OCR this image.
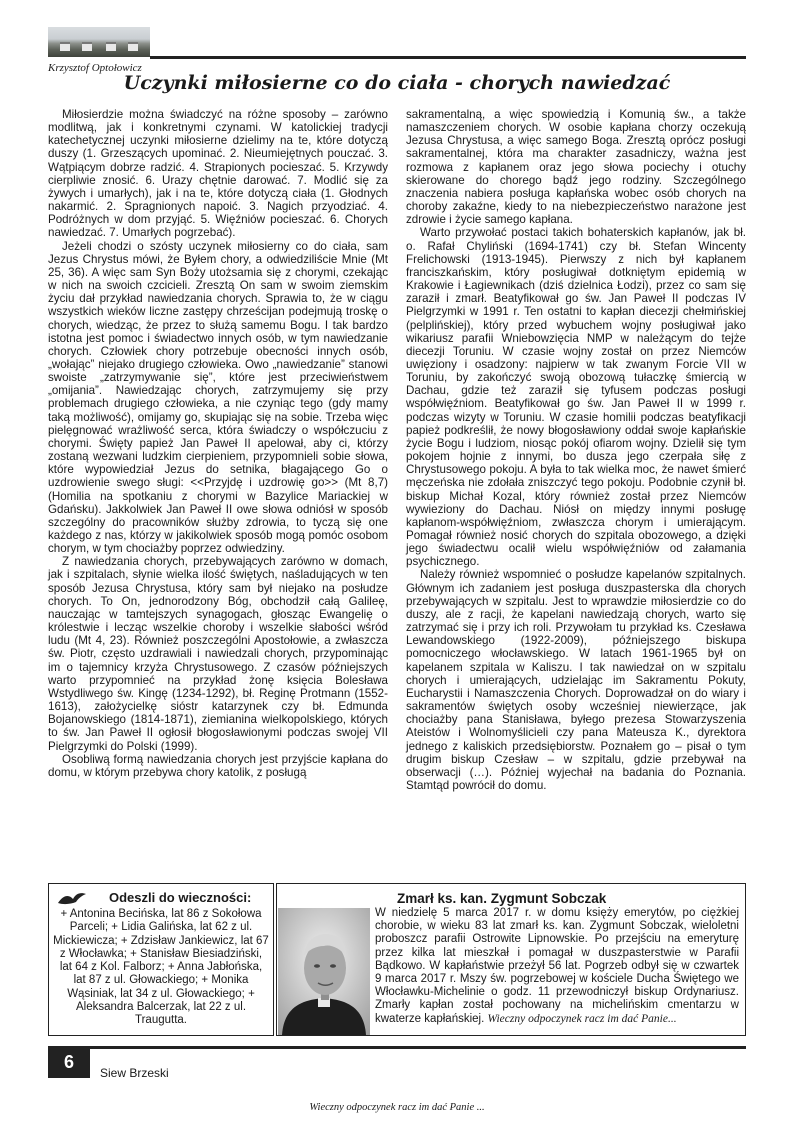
Krzysztof Optołowicz
Uczynki miłosierne co do ciała - chorych nawiedzać

Miłosierdzie można świadczyć na różne sposoby – zarówno modlitwą, jak i konkretnymi czynami. W katolickiej tradycji katechetycznej uczynki miłosierne dzielimy na te, które dotyczą duszy (1. Grzeszących upominać. 2. Nieumiejętnych pouczać. 3. Wątpiącym dobrze radzić. 4. Strapionych pocieszać. 5. Krzywdy cierpliwie znosić. 6. Urazy chętnie darować. 7. Modlić się za żywych i umarłych), jak i na te, które dotyczą ciała (1. Głodnych nakarmić. 2. Spragnionych napoić. 3. Nagich przyodziać. 4. Podróżnych w dom przyjąć. 5. Więźniów pocieszać. 6. Chorych nawiedzać. 7. Umarłych pogrzebać).

Jeżeli chodzi o szósty uczynek miłosierny co do ciała, sam Jezus Chrystus mówi, że Byłem chory, a odwiedziliście Mnie (Mt 25, 36). A więc sam Syn Boży utożsamia się z chorymi, czekając w nich na swoich czcicieli. Zresztą On sam w swoim ziemskim życiu dał przykład nawiedzania chorych. Sprawia to, że w ciągu wszystkich wieków liczne zastępy chrześcijan podejmują troskę o chorych, wiedząc, że przez to służą samemu Bogu. I tak bardzo istotna jest pomoc i świadectwo innych osób, w tym nawiedzanie chorych. Człowiek chory potrzebuje obecności innych osób, „wołając” niejako drugiego człowieka. Owo „nawiedzanie” stanowi swoiste „zatrzymywanie się”, które jest przeciwieństwem „omijania”. Nawiedzając chorych, zatrzymujemy się przy problemach drugiego człowieka, a nie czyniąc tego (gdy mamy taką możliwość), omijamy go, skupiając się na sobie. Trzeba więc pielęgnować wrażliwość serca, która świadczy o współczuciu z chorymi. Święty papież Jan Paweł II apelował, aby ci, którzy zostaną wezwani ludzkim cierpieniem, przypomnieli sobie słowa, które wypowiedział Jezus do setnika, błagającego Go o uzdrowienie swego sługi: <<Przyjdę i uzdrowię go>> (Mt 8,7) (Homilia na spotkaniu z chorymi w Bazylice Mariackiej w Gdańsku). Jakkolwiek Jan Paweł II owe słowa odniósł w sposób szczególny do pracowników służby zdrowia, to tyczą się one każdego z nas, którzy w jakikolwiek sposób mogą pomóc osobom chorym, w tym chociażby poprzez odwiedziny.

Z nawiedzania chorych, przebywających zarówno w domach, jak i szpitalach, słynie wielka ilość świętych, naśladujących w ten sposób Jezusa Chrystusa, który sam był niejako na posłudze chorych. To On, jednorodzony Bóg, obchodził całą Galileę, nauczając w tamtejszych synagogach, głosząc Ewangelię o królestwie i lecząc wszelkie choroby i wszelkie słabości wśród ludu (Mt 4, 23). Również poszczególni Apostołowie, a zwłaszcza św. Piotr, często uzdrawiali i nawiedzali chorych, przypominając im o tajemnicy krzyża Chrystusowego. Z czasów późniejszych warto przypomnieć na przykład żonę księcia Bolesława Wstydliwego św. Kingę (1234-1292), bł. Reginę Protmann (1552-1613), założycielkę sióstr katarzynek czy bł. Edmunda Bojanowskiego (1814-1871), ziemianina wielkopolskiego, których to św. Jan Paweł II ogłosił błogosławionymi podczas swojej VII Pielgrzymki do Polski (1999).

Osobliwą formą nawiedzania chorych jest przyjście kapłana do domu, w którym przebywa chory katolik, z posługą

sakramentalną, a więc spowiedzią i Komunią św., a także namaszczeniem chorych. W osobie kapłana chorzy oczekują Jezusa Chrystusa, a więc samego Boga. Zresztą oprócz posługi sakramentalnej, która ma charakter zasadniczy, ważna jest rozmowa z kapłanem oraz jego słowa pociechy i otuchy skierowane do chorego bądź jego rodziny. Szczególnego znaczenia nabiera posługa kapłańska wobec osób chorych na choroby zakaźne, kiedy to na niebezpieczeństwo narażone jest zdrowie i życie samego kapłana.

Warto przywołać postaci takich bohaterskich kapłanów, jak bł. o. Rafał Chyliński (1694-1741) czy bł. Stefan Wincenty Frelichowski (1913-1945). Pierwszy z nich był kapłanem franciszkańskim, który posługiwał dotkniętym epidemią w Krakowie i Łagiewnikach (dziś dzielnica Łodzi), przez co sam się zaraził i zmarł. Beatyfikował go św. Jan Paweł II podczas IV Pielgrzymki w 1991 r. Ten ostatni to kapłan diecezji chełmińskiej (pelplińskiej), który przed wybuchem wojny posługiwał jako wikariusz parafii Wniebowzięcia NMP w należącym do tejże diecezji Toruniu. W czasie wojny został on przez Niemców uwięziony i osadzony: najpierw w tak zwanym Forcie VII w Toruniu, by zakończyć swoją obozową tułaczkę śmiercią w Dachau, gdzie też zaraził się tyfusem podczas posługi współwięźniom. Beatyfikował go św. Jan Paweł II w 1999 r. podczas wizyty w Toruniu. W czasie homilii podczas beatyfikacji papież podkreślił, że nowy błogosławiony oddał swoje kapłańskie życie Bogu i ludziom, niosąc pokój ofiarom wojny. Dzielił się tym pokojem hojnie z innymi, bo dusza jego czerpała siłę z Chrystusowego pokoju. A była to tak wielka moc, że nawet śmierć męczeńska nie zdołała zniszczyć tego pokoju. Podobnie czynił bł. biskup Michał Kozal, który również został przez Niemców wywieziony do Dachau. Niósł on między innymi posługę kapłanom-współwięźniom, zwłaszcza chorym i umierającym. Pomagał również nosić chorych do szpitala obozowego, a dzięki jego świadectwu ocalił wielu współwięźniów od załamania psychicznego.

Należy również wspomnieć o posłudze kapelanów szpitalnych. Głównym ich zadaniem jest posługa duszpasterska dla chorych przebywających w szpitalu. Jest to wprawdzie miłosierdzie co do duszy, ale z racji, że kapelani nawiedzają chorych, warto się zatrzymać się i przy ich roli. Przywołam tu przykład ks. Czesława Lewandowskiego (1922-2009), późniejszego biskupa pomocniczego włocławskiego. W latach 1961-1965 był on kapelanem szpitala w Kaliszu. I tak nawiedzał on w szpitalu chorych i umierających, udzielając im Sakramentu Pokuty, Eucharystii i Namaszczenia Chorych. Doprowadzał on do wiary i sakramentów świętych osoby wcześniej niewierzące, jak chociażby pana Stanisława, byłego prezesa Stowarzyszenia Ateistów i Wolnomyślicieli czy pana Mateusza K., dyrektora jednego z kaliskich przedsiębiorstw. Poznałem go – pisał o tym drugim biskup Czesław – w szpitalu, gdzie przebywał na obserwacji (…). Później wyjechał na badania do Poznania. Stamtąd powrócił do domu.

Odeszli do wieczności:
+ Antonina Becińska, lat 86 z Sokołowa Parceli; + Lidia Galińska, lat 62 z ul. Mickiewicza; + Zdzisław Jankiewicz, lat 67 z Włocławka; + Stanisław Biesiadziński, lat 64 z Kol. Falborz; + Anna Jabłońska, lat 87 z ul. Głowackiego; + Monika Wąsiniak, lat 34 z ul. Głowackiego; + Aleksandra Balcerzak, lat 22 z ul. Traugutta.
Zmarł ks. kan. Zygmunt Sobczak
W niedzielę 5 marca 2017 r. w domu księży emerytów, po ciężkiej chorobie, w wieku 83 lat zmarł ks. kan. Zygmunt Sobczak, wieloletni proboszcz parafii Ostrowite Lipnowskie. Po przejściu na emeryturę przez kilka lat mieszkał i pomagał w duszpasterstwie w Parafii Bądkowo. W kapłaństwie przeżył 56 lat. Pogrzeb odbył się w czwartek 9 marca 2017 r. Mszy św. pogrzebowej w kościele Ducha Świętego we Włocławku-Michelinie o godz. 11 przewodniczył biskup Ordynariusz. Zmarły kapłan został pochowany na michelińskim cmentarzu w kwaterze kapłańskiej. Wieczny odpoczynek racz im dać Panie...
6
Siew Brzeski
Wieczny odpoczynek racz im dać Panie ...
